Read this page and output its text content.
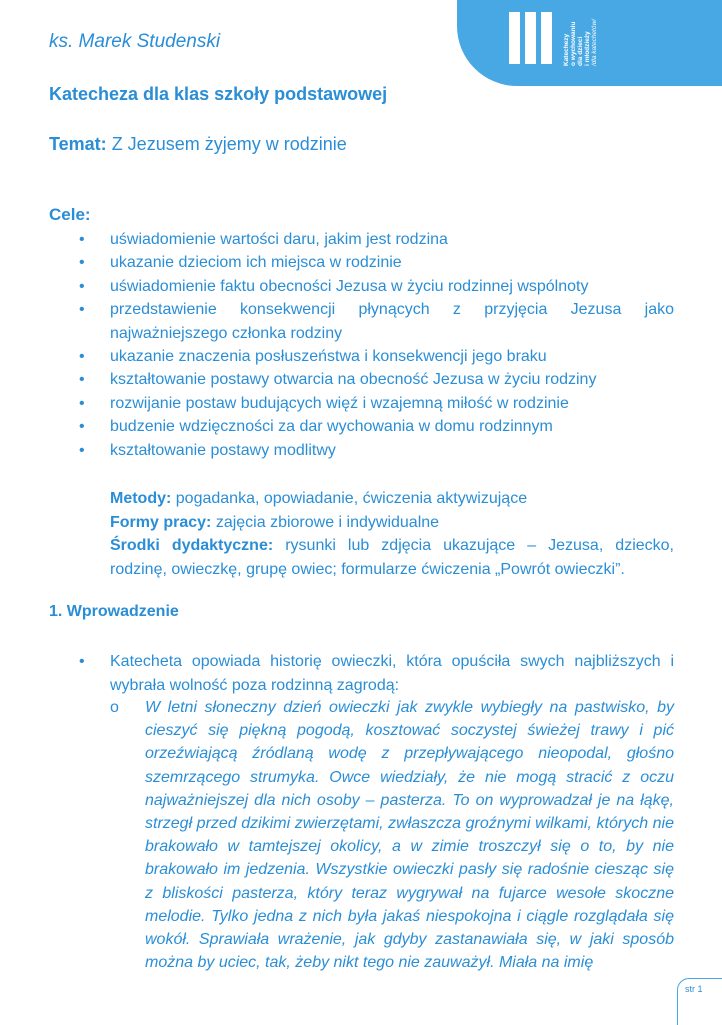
Katechezy o wychowaniu dla dzieci i młodzieży /dla katechetów/
ks. Marek Studenski
Katecheza dla klas szkoły podstawowej
Temat: Z Jezusem żyjemy w rodzinie
Cele:
• uświadomienie wartości daru, jakim jest rodzina
• ukazanie dzieciom ich miejsca w rodzinie
• uświadomienie faktu obecności Jezusa w życiu rodzinnej wspólnoty
• przedstawienie konsekwencji płynących z przyjęcia Jezusa jako najważniejszego członka rodziny
• ukazanie znaczenia posłuszeństwa i konsekwencji jego braku
• kształtowanie postawy otwarcia na obecność Jezusa w życiu rodziny
• rozwijanie postaw budujących więź i wzajemną miłość w rodzinie
• budzenie wdzięczności za dar wychowania w domu rodzinnym
• kształtowanie postawy modlitwy

Metody: pogadanka, opowiadanie, ćwiczenia aktywizujące

Formy pracy: zajęcia zbiorowe i indywidualne

Środki dydaktyczne: rysunki lub zdjęcia ukazujące – Jezusa, dziecko, rodzinę, owieczkę, grupę owiec; formularze ćwiczenia „Powrót owieczki”.

1. Wprowadzenie
• Katecheta opowiada historię owieczki, która opuściła swych najbliższych i wybrała wolność poza rodzinną zagrodą:
o W letni słoneczny dzień owieczki jak zwykle wybiegły na pastwisko, by cieszyć się piękną pogodą, kosztować soczystej świeżej trawy i pić orzeźwiającą źródlaną wodę z przepływającego nieopodal, głośno szemrzącego strumyka. Owce wiedziały, że nie mogą stracić z oczu najważniejszej dla nich osoby – pasterza. To on wyprowadzał je na łąkę, strzegł przed dzikimi zwierzętami, zwłaszcza groźnymi wilkami, których nie brakowało w tamtejszej okolicy, a w zimie troszczył się o to, by nie brakowało im jedzenia. Wszystkie owieczki pasły się radośnie ciesząc się z bliskości pasterza, który teraz wygrywał na fujarce wesołe skoczne melodie. Tylko jedna z nich była jakaś niespokojna i ciągle rozglądała się wokół. Sprawiała wrażenie, jak gdyby zastanawiała się, w jaki sposób można by uciec, tak, żeby nikt tego nie zauważył. Miała na imię

str 1
